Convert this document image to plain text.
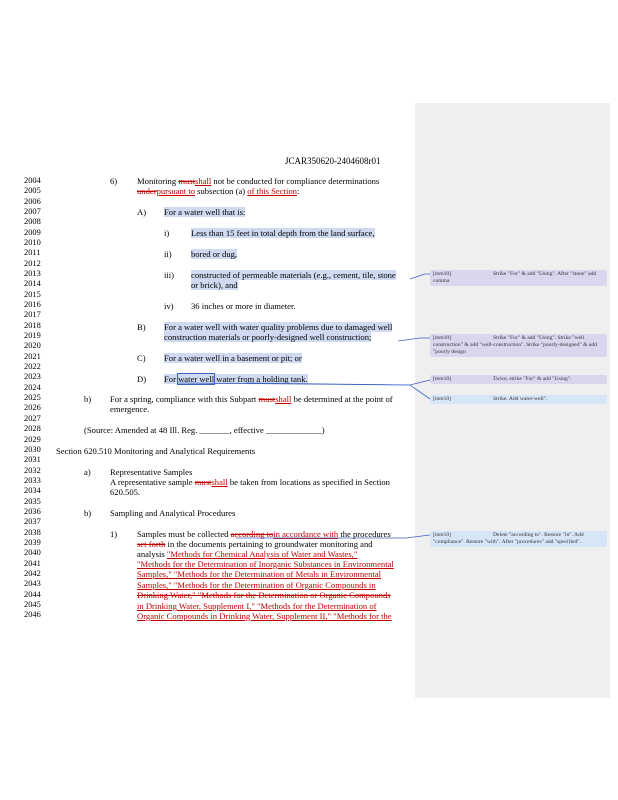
JCAR350620-2404608r01
2004
2005
2006
2007
2008
2009
2010
2011
2012
2013
2014
2015
2016
2017
2018
2019
2020
2021
2022
2023
2024
2025
2026
2027
2028
2029
2030
2031
2032
2033
2034
2035
2036
2037
2038
2039
2040
2041
2042
2043
2044
2045
2046
6) Monitoring mustshall not be conducted for compliance determinations
underpursuant to subsection (a) of this Section:
A) For a water well that is:
i)	Less than 15 feet in total depth from the land surface,
ii) bored or dug,
iii) constructed of permeable materials (e.g., cement, tile, stone
or brick), and
iv) 36 inches or more in diameter.
B) For a water well with water quality problems due to damaged well
construction materials or poorly-designed well construction;
C) For a water well in a basement or pit; or
D) For water well water from a holding tank.
b) For a spring, compliance with this Subpart mustshall be determined at the point of
emergence.
(Source: Amended at 48 Ill. Reg. _______, effective _____________)
Section 620.510 Monitoring and Analytical Requirements
a) Representative Samples
A representative sample mustshall be taken from locations as specified in Section
620.505.
b) Sampling and Analytical Procedures
1) Samples must be collected according toin accordance with the procedures
set forth in the documents pertaining to groundwater monitoring and
analysis "Methods for Chemical Analysis of Water and Wastes,"
"Methods for the Determination of Inorganic Substances in Environmental
Samples," "Methods for the Determination of Metals in Environmental
Samples," "Methods for the Determination of Organic Compounds in
Drinking Water," "Methods for the Determination or Organic Compounds
in Drinking Water, Supplement I," "Methods for the Determination of
Organic Compounds in Drinking Water, Supplement II," "Methods for the
[mm10]	Strike "For" & add "Using". After "stone" add comma
[mm10]	Strike "For" & add "Using". Strike "well construction" & add "well-construction". Strike "poorly-designed" & add "poorly design
[mm10]	Twice, strike "For" & add "Using".
[mm10]	Strike. Add water-well".
[mm10]	Delete "according to". Restore "in". Add "compliance". Restore "with". After "procedures" add "specified".
